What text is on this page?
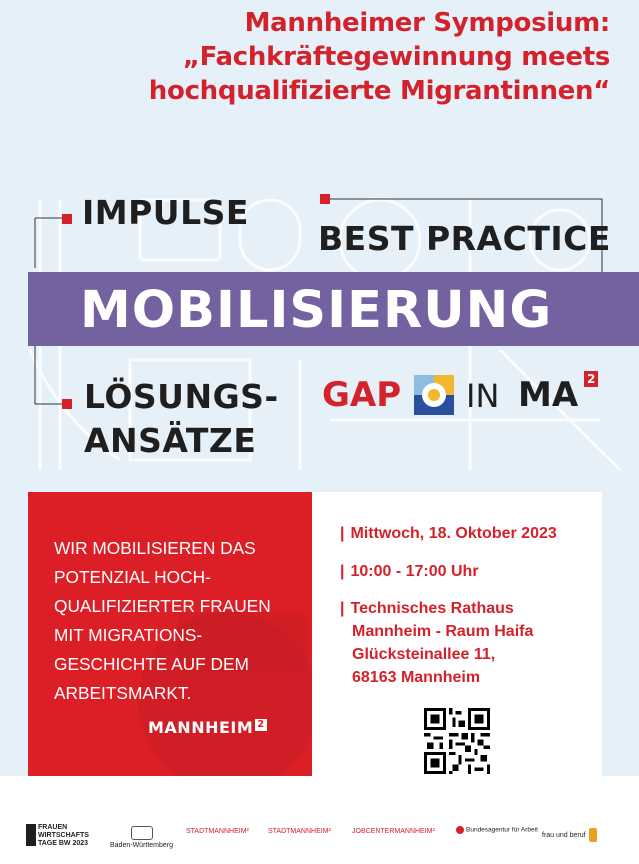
Mannheimer Symposium:
„Fachkräftegewinnung meets
hochqualifizierte Migrantinnen“
IMPULSE
BEST PRACTICE
MOBILISIERUNG
LÖSUNGS-
ANSÄTZE
GAP IN MA 2
WIR MOBILISIEREN DAS
POTENZIAL HOCH-
QUALIFIZIERTER FRAUEN
MIT MIGRATIONS-
GESCHICHTE AUF DEM
ARBEITSMARKT.
MANNHEIM $^2$
| Mittwoch, 18. Oktober 2023
| 10:00 - 17:00 Uhr
| Technisches Rathaus
Mannheim - Raum Haifa
Glücksteinallee 11,
68163 Mannheim
FRAUEN
WIRTSCHAFTS
TAGE BW 2023	Baden-Württemberg
STADTMANNHEIM²	STADTMANNHEIM²	JOBCENTERMANNHEIM²	Bundesagentur für Arbeit
frau und beruf
